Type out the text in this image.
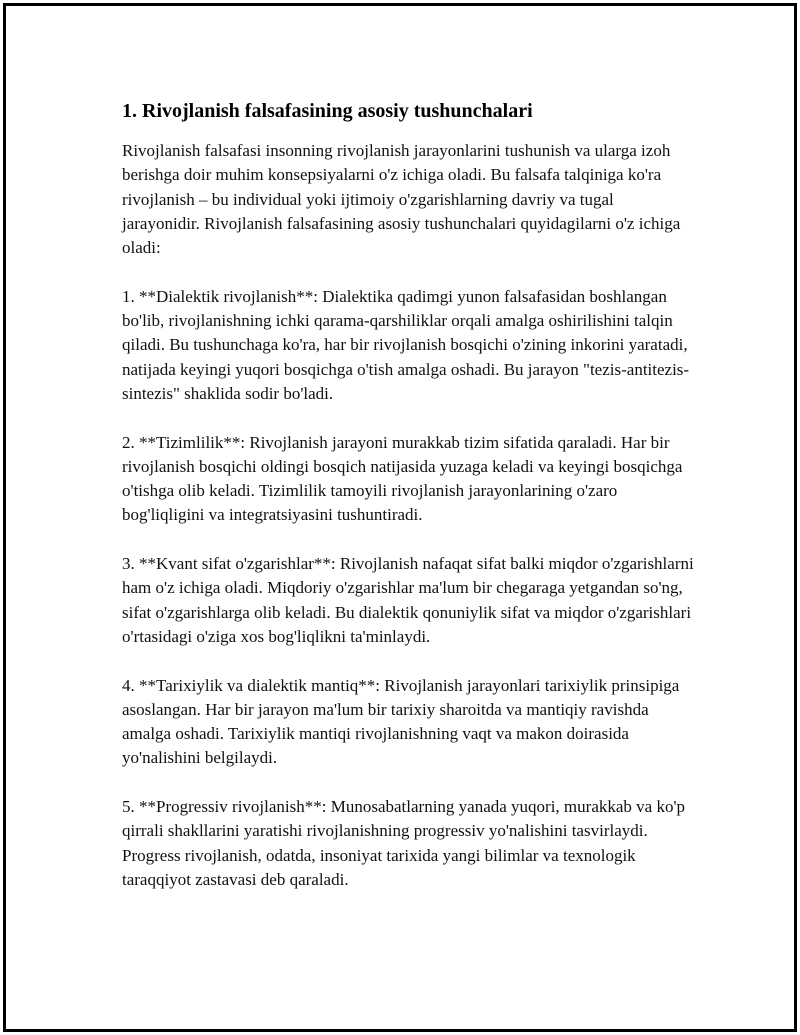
1. Rivojlanish falsafasining asosiy tushunchalari

Rivojlanish falsafasi insonning rivojlanish jarayonlarini tushunish va ularga izoh berishga doir muhim konsepsiyalarni o'z ichiga oladi. Bu falsafa talqiniga ko'ra rivojlanish – bu individual yoki ijtimoiy o'zgarishlarning davriy va tugal jarayonidir. Rivojlanish falsafasining asosiy tushunchalari quyidagilarni o'z ichiga oladi:

1. **Dialektik rivojlanish**: Dialektika qadimgi yunon falsafasidan boshlangan bo'lib, rivojlanishning ichki qarama-qarshiliklar orqali amalga oshirilishini talqin qiladi. Bu tushunchaga ko'ra, har bir rivojlanish bosqichi o'zining inkorini yaratadi, natijada keyingi yuqori bosqichga o'tish amalga oshadi. Bu jarayon "tezis-antitezis-sintezis" shaklida sodir bo'ladi.

2. **Tizimlilik**: Rivojlanish jarayoni murakkab tizim sifatida qaraladi. Har bir rivojlanish bosqichi oldingi bosqich natijasida yuzaga keladi va keyingi bosqichga o'tishga olib keladi. Tizimlilik tamoyili rivojlanish jarayonlarining o'zaro bog'liqligini va integratsiyasini tushuntiradi.

3. **Kvant sifat o'zgarishlar**: Rivojlanish nafaqat sifat balki miqdor o'zgarishlarni ham o'z ichiga oladi. Miqdoriy o'zgarishlar ma'lum bir chegaraga yetgandan so'ng, sifat o'zgarishlarga olib keladi. Bu dialektik qonuniylik sifat va miqdor o'zgarishlari o'rtasidagi o'ziga xos bog'liqlikni ta'minlaydi.

4. **Tarixiylik va dialektik mantiq**: Rivojlanish jarayonlari tarixiylik prinsipiga asoslangan. Har bir jarayon ma'lum bir tarixiy sharoitda va mantiqiy ravishda amalga oshadi. Tarixiylik mantiqi rivojlanishning vaqt va makon doirasida yo'nalishini belgilaydi.

5. **Progressiv rivojlanish**: Munosabatlarning yanada yuqori, murakkab va ko'p qirrali shakllarini yaratishi rivojlanishning progressiv yo'nalishini tasvirlaydi. Progress rivojlanish, odatda, insoniyat tarixida yangi bilimlar va texnologik taraqqiyot zastavasi deb qaraladi.
